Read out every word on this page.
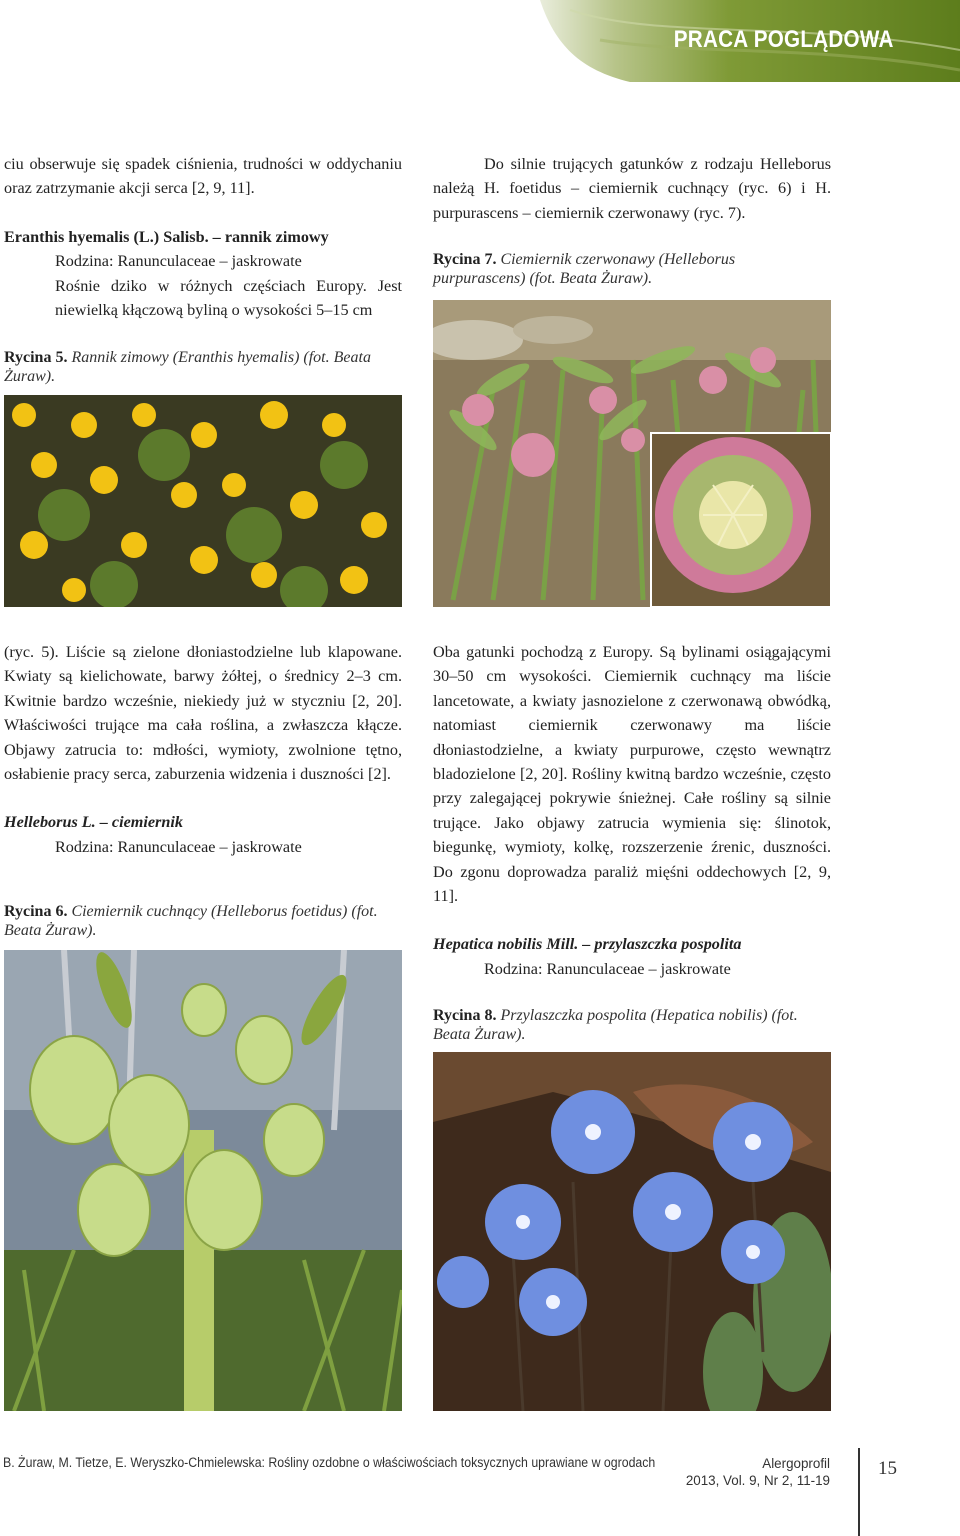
PRACA POGLĄDOWA

ciu obserwuje się spadek ciśnienia, trudności w oddychaniu oraz zatrzymanie akcji serca [2, 9, 11].

Eranthis hyemalis (L.) Salisb. – rannik zimowy

Rodzina: Ranunculaceae – jaskrowate

Rośnie dziko w różnych częściach Europy. Jest niewielką kłączową byliną o wysokości 5–15 cm

Do silnie trujących gatunków z rodzaju Helleborus należą H. foetidus – ciemiernik cuchnący (ryc. 6) i H. purpurascens – ciemiernik czerwonawy (ryc. 7).

Rycina 7. Ciemiernik czerwonawy (Helleborus purpurascens) (fot. Beata Żuraw).
Rycina 5. Rannik zimowy (Eranthis hyemalis) (fot. Beata Żuraw).

(ryc. 5). Liście są zielone dłoniastodzielne lub klapowane. Kwiaty są kielichowate, barwy żółtej, o średnicy 2–3 cm. Kwitnie bardzo wcześnie, niekiedy już w styczniu [2, 20]. Właściwości trujące ma cała roślina, a zwłaszcza kłącze. Objawy zatrucia to: mdłości, wymioty, zwolnione tętno, osłabienie pracy serca, zaburzenia widzenia i duszności [2].

Helleborus L. – ciemiernik

Rodzina: Ranunculaceae – jaskrowate

Oba gatunki pochodzą z Europy. Są bylinami osiągającymi 30–50 cm wysokości. Ciemiernik cuchnący ma liście lancetowate, a kwiaty jasnozielone z czerwonawą obwódką, natomiast ciemiernik czerwonawy ma liście dłoniastodzielne, a kwiaty purpurowe, często wewnątrz bladozielone [2, 20]. Rośliny kwitną bardzo wcześnie, często przy zalegającej pokrywie śnieżnej. Całe rośliny są silnie trujące. Jako objawy zatrucia wymienia się: ślinotok, biegunkę, wymioty, kolkę, rozszerzenie źrenic, duszności. Do zgonu doprowadza paraliż mięśni oddechowych [2, 9, 11].

Hepatica nobilis Mill. – przylaszczka pospolita

Rodzina: Ranunculaceae – jaskrowate

Rycina 6. Ciemiernik cuchnący (Helleborus foetidus) (fot. Beata Żuraw).
Rycina 8. Przylaszczka pospolita (Hepatica nobilis) (fot. Beata Żuraw).
B. Żuraw, M. Tietze, E. Weryszko-Chmielewska: Rośliny ozdobne o właściwościach toksycznych uprawiane w ogrodach	Alergoprofil
2013, Vol. 9, Nr 2, 11-19
15
